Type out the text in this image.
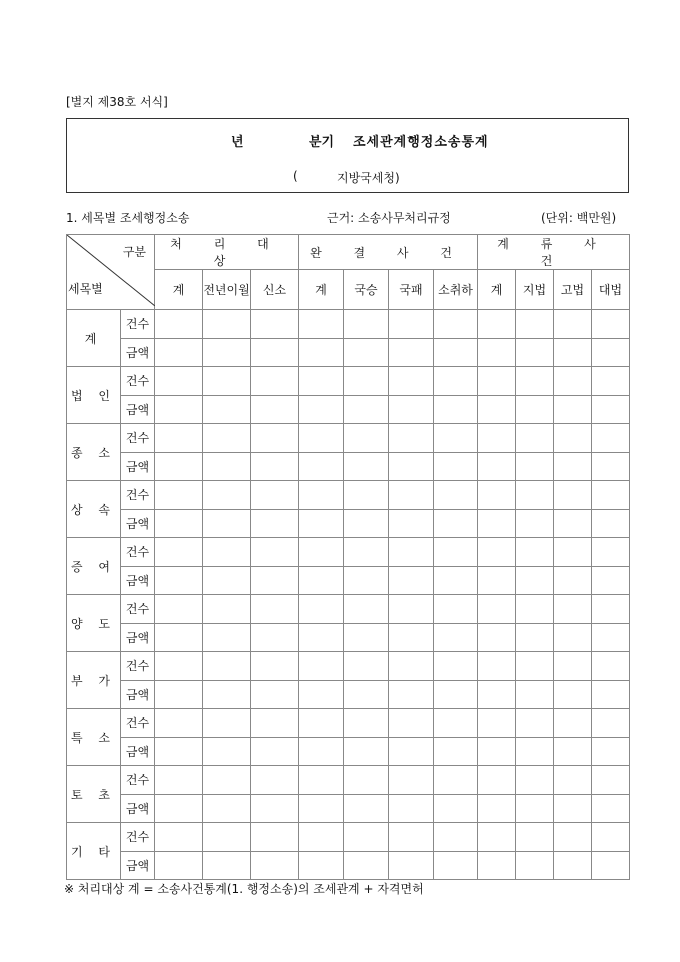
[별지 제38호 서식]
년	분기 조세관계행정소송통계
(	지방국세청)
1. 세목별 조세행정소송	근거: 소송사무처리규정	(단위: 백만원)
구분
세목별		처 리 대 상			완 결 사 건				계 류 사 건			
		계	전년이월	신소	계	국승	국패	소취하	계	지법	고법	대법
계	건수											
	금액											
법 인	건수											
	금액											
종 소	건수											
	금액											
상 속	건수											
	금액											
증 여	건수											
	금액											
양 도	건수											
	금액											
부 가	건수											
	금액											
특 소	건수											
	금액											
토 초	건수											
	금액											
기 타	건수											
	금액											
※ 처리대상 계 = 소송사건통계(1. 행정소송)의 조세관계 + 자격면허
